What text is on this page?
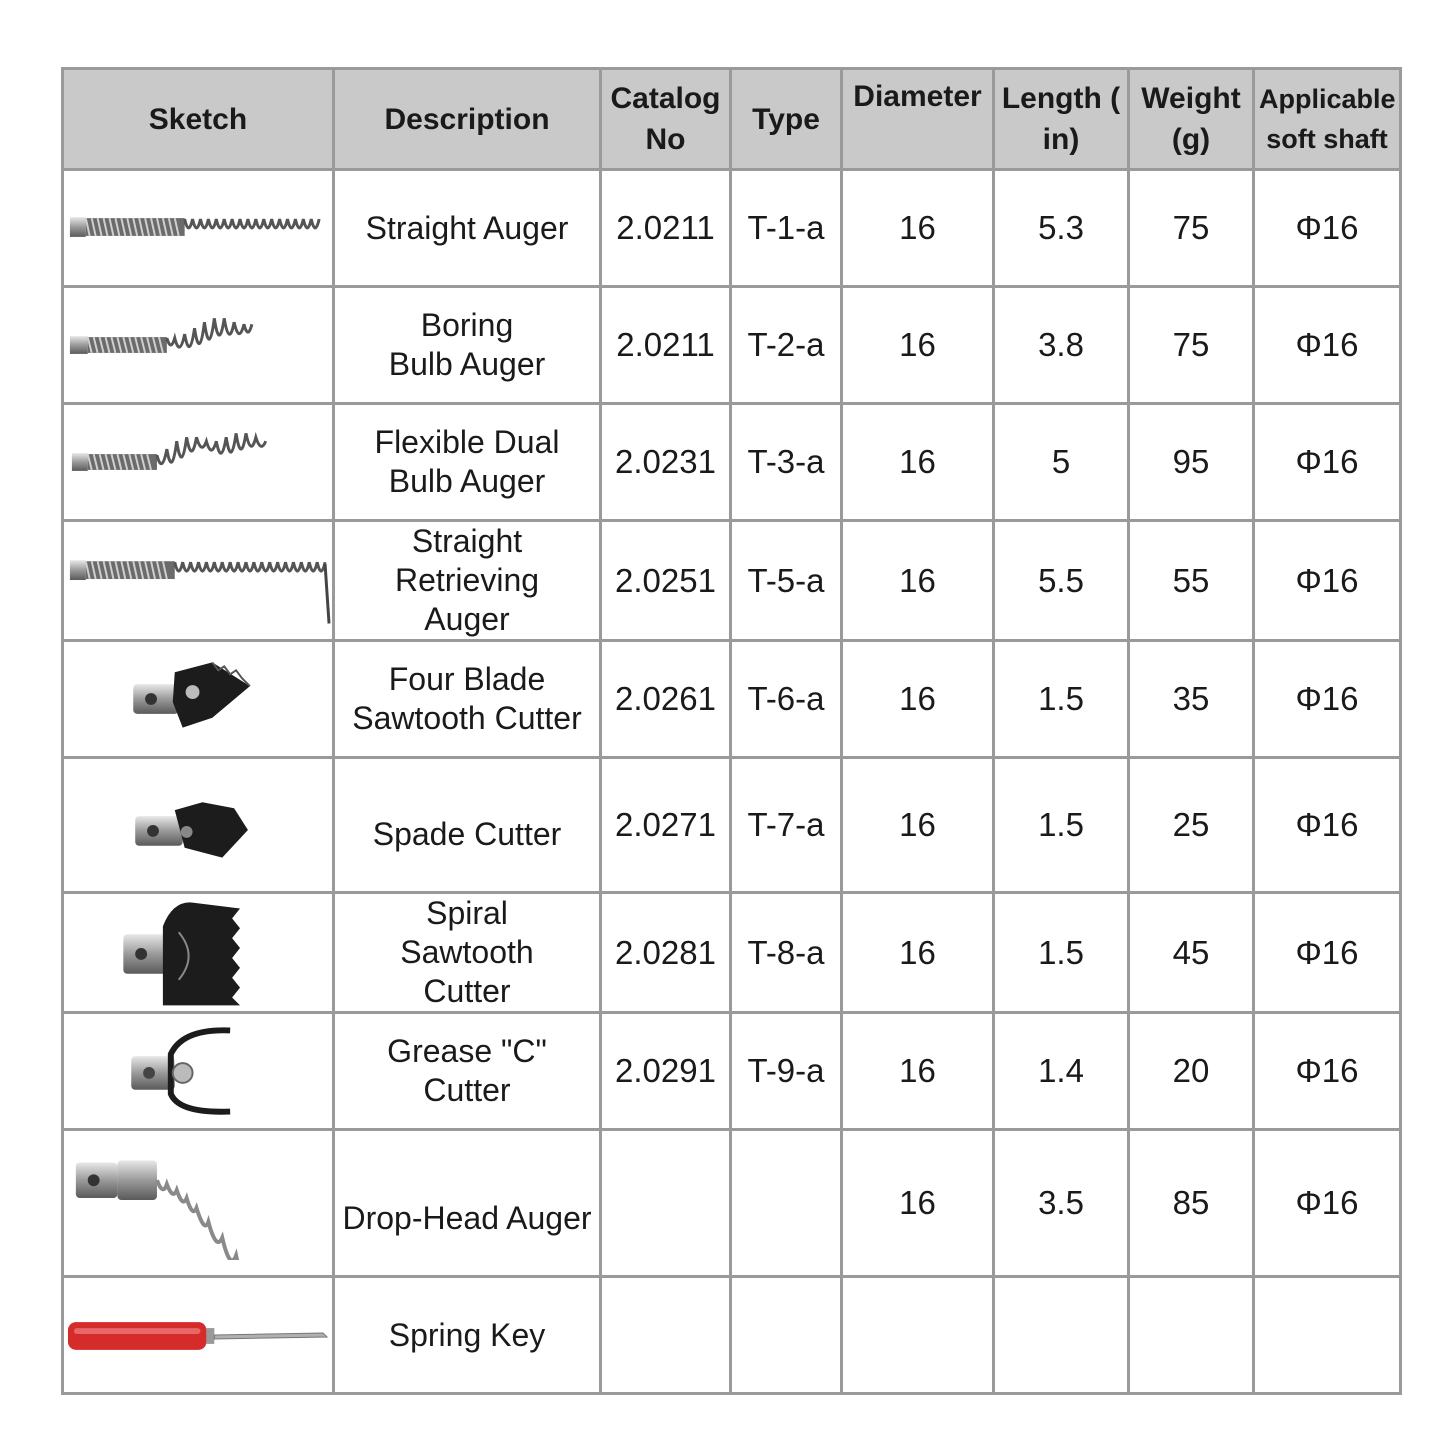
Sketch	Description	Catalog No	Type	Diameter	Length ( in)	Weight (g)	Applicable soft shaft

	Straight Auger	2.0211	T-1-a	16	5.3	75	Φ16

	Boring Bulb Auger	2.0211	T-2-a	16	3.8	75	Φ16

	Flexible Dual Bulb Auger	2.0231	T-3-a	16	5	95	Φ16

	Straight Retrieving Auger	2.0251	T-5-a	16	5.5	55	Φ16

	Four Blade Sawtooth Cutter	2.0261	T-6-a	16	1.5	35	Φ16

	Spade Cutter	2.0271	T-7-a	16	1.5	25	Φ16

	Spiral Sawtooth Cutter	2.0281	T-8-a	16	1.5	45	Φ16

	Grease "C" Cutter	2.0291	T-9-a	16	1.4	20	Φ16

	Drop-Head Auger			16	3.5	85	Φ16

	Spring Key						
